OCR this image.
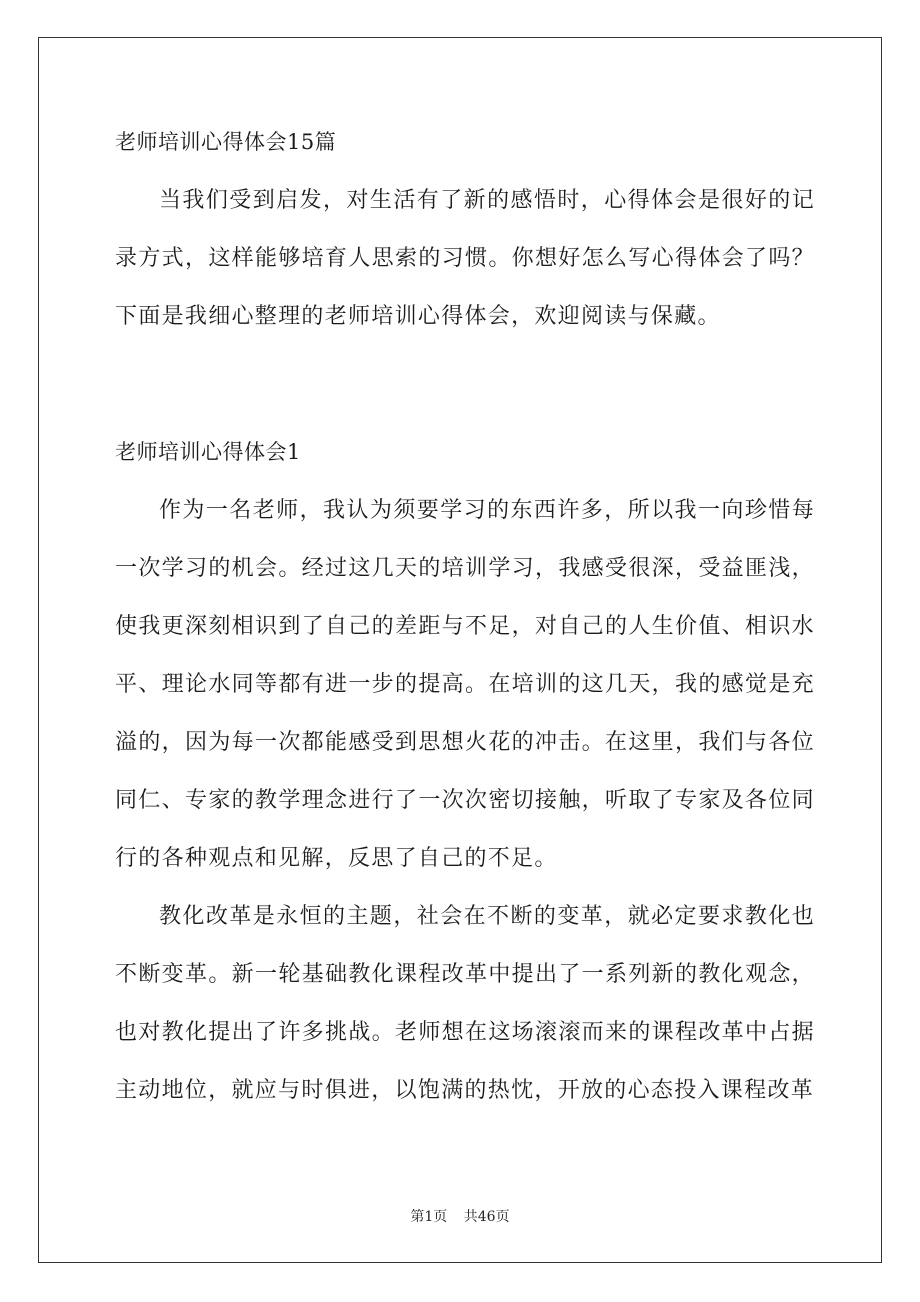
老师培训心得体会15篇

当我们受到启发，对生活有了新的感悟时，心得体会是很好的记录方式，这样能够培育人思索的习惯。你想好怎么写心得体会了吗？下面是我细心整理的老师培训心得体会，欢迎阅读与保藏。

老师培训心得体会1

作为一名老师，我认为须要学习的东西许多，所以我一向珍惜每一次学习的机会。经过这几天的培训学习，我感受很深，受益匪浅，使我更深刻相识到了自己的差距与不足，对自己的人生价值、相识水平、理论水同等都有进一步的提高。在培训的这几天，我的感觉是充溢的，因为每一次都能感受到思想火花的冲击。在这里，我们与各位同仁、专家的教学理念进行了一次次密切接触，听取了专家及各位同行的各种观点和见解，反思了自己的不足。

教化改革是永恒的主题，社会在不断的变革，就必定要求教化也不断变革。新一轮基础教化课程改革中提出了一系列新的教化观念，也对教化提出了许多挑战。老师想在这场滚滚而来的课程改革中占据主动地位，就应与时俱进，以饱满的热忱，开放的心态投入课程改革

第1页 共46页
